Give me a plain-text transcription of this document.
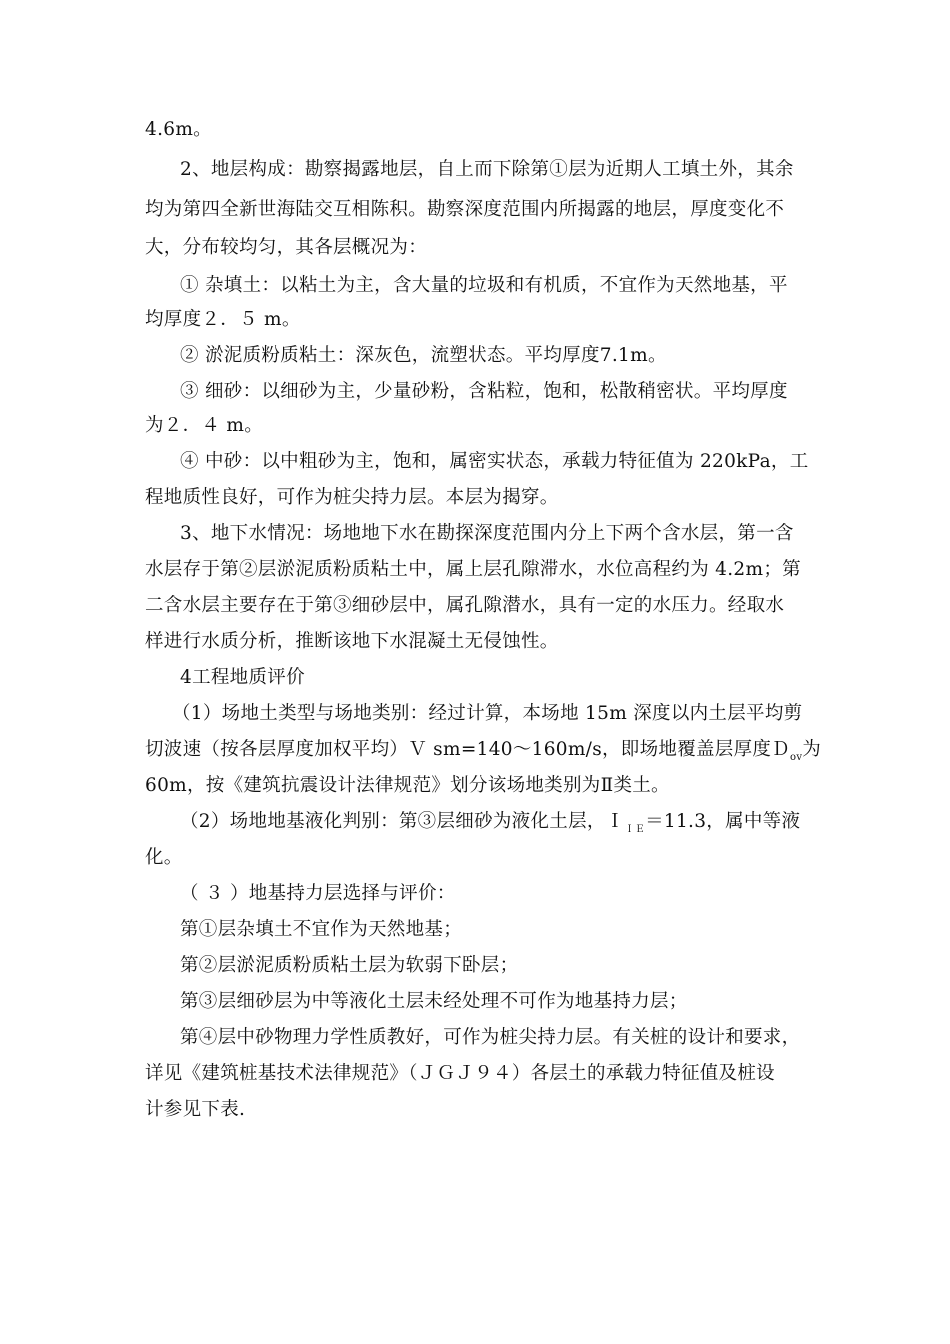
4.6m。
2、地层构成：勘察揭露地层，自上而下除第①层为近期人工填土外，其余
均为第四全新世海陆交互相陈积。勘察深度范围内所揭露的地层，厚度变化不
大，分布较均匀，其各层概况为：
① 杂填土：以粘土为主，含大量的垃圾和有机质，不宜作为天然地基，平
均厚度２．５ m。
② 淤泥质粉质粘土：深灰色，流塑状态。平均厚度7.1m。
③ 细砂：以细砂为主，少量砂粉，含粘粒，饱和，松散稍密状。平均厚度
为２．４ m。
④ 中砂：以中粗砂为主，饱和，属密实状态，承载力特征值为 220kPa，工
程地质性良好，可作为桩尖持力层。本层为揭穿。
3、地下水情况：场地地下水在勘探深度范围内分上下两个含水层，第一含
水层存于第②层淤泥质粉质粘土中，属上层孔隙滞水，水位高程约为 4.2m；第
二含水层主要存在于第③细砂层中，属孔隙潜水，具有一定的水压力。经取水
样进行水质分析，推断该地下水混凝土无侵蚀性。
4工程地质评价
（1）场地土类型与场地类别：经过计算，本场地 15m 深度以内土层平均剪
切波速（按各层厚度加权平均）Ｖ sm=140～160m/s，即场地覆盖层厚度Ｄ$_{ov}$为
60m，按《建筑抗震设计法律规范》划分该场地类别为Ⅱ类土。
（2）场地地基液化判别：第③层细砂为液化土层，Ｉ$_{IE}$＝11.3，属中等液
化。
（ ３ ）地基持力层选择与评价：
第①层杂填土不宜作为天然地基；
第②层淤泥质粉质粘土层为软弱下卧层；
第③层细砂层为中等液化土层未经处理不可作为地基持力层；
第④层中砂物理力学性质教好，可作为桩尖持力层。有关桩的设计和要求，
详见《建筑桩基技术法律规范》（ＪＧＪ９４）各层土的承载力特征值及桩设
计参见下表.
